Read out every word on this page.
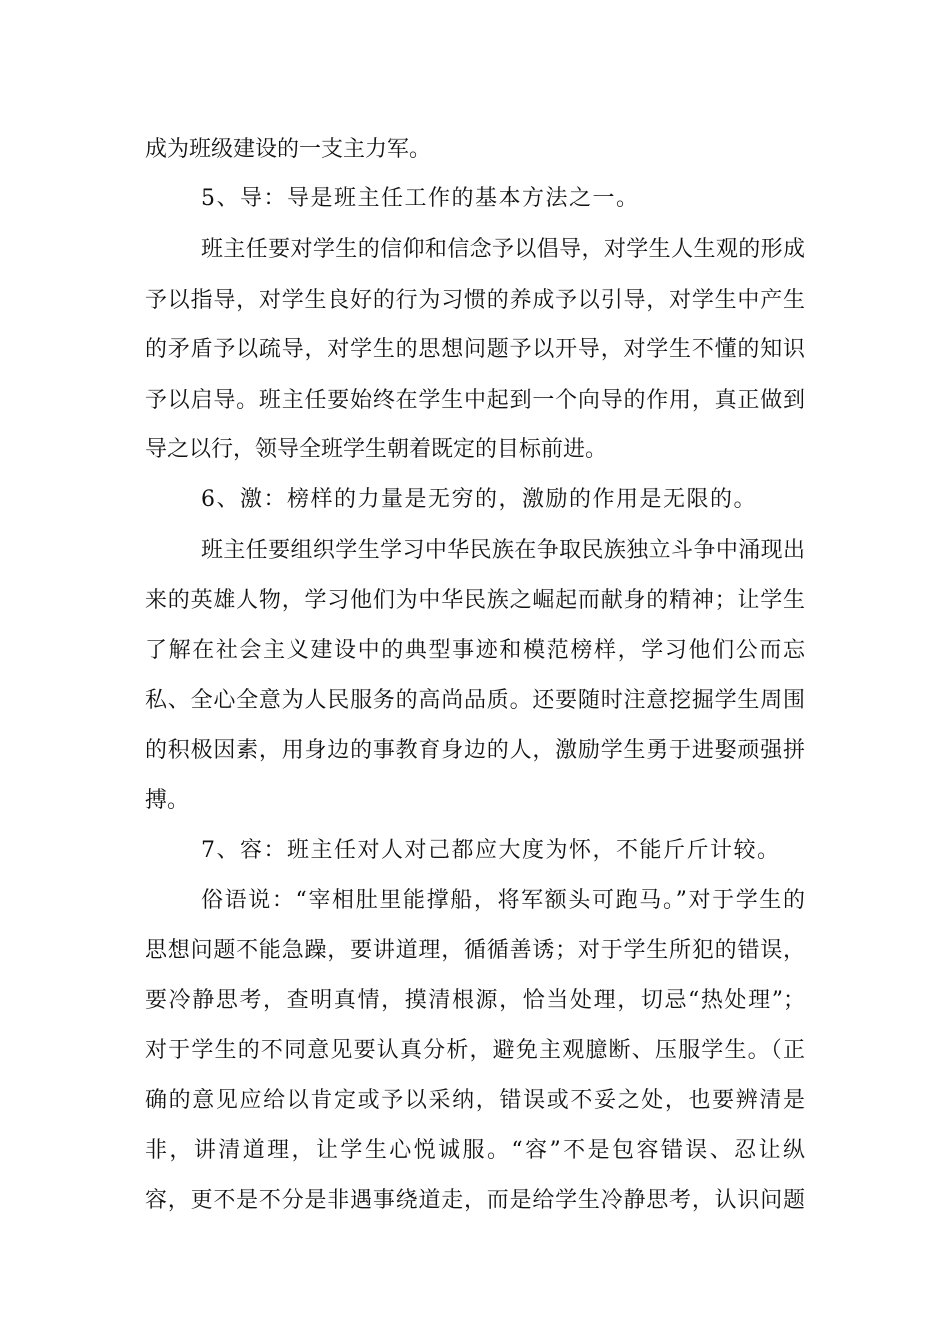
成为班级建设的一支主力军。
5、导：导是班主任工作的基本方法之一。
班主任要对学生的信仰和信念予以倡导，对学生人生观的形成
予以指导，对学生良好的行为习惯的养成予以引导，对学生中产生
的矛盾予以疏导，对学生的思想问题予以开导，对学生不懂的知识
予以启导。班主任要始终在学生中起到一个向导的作用，真正做到
导之以行，领导全班学生朝着既定的目标前进。
6、激：榜样的力量是无穷的，激励的作用是无限的。
班主任要组织学生学习中华民族在争取民族独立斗争中涌现出
来的英雄人物，学习他们为中华民族之崛起而献身的精神；让学生
了解在社会主义建设中的典型事迹和模范榜样，学习他们公而忘
私、全心全意为人民服务的高尚品质。还要随时注意挖掘学生周围
的积极因素，用身边的事教育身边的人，激励学生勇于进娶顽强拼
搏。
7、容：班主任对人对己都应大度为怀，不能斤斤计较。
俗语说：“宰相肚里能撑船，将军额头可跑马。”对于学生的
思想问题不能急躁，要讲道理，循循善诱；对于学生所犯的错误，
要冷静思考，查明真情，摸清根源，恰当处理，切忌“热处理”；
对于学生的不同意见要认真分析，避免主观臆断、压服学生。（正
确的意见应给以肯定或予以采纳，错误或不妥之处，也要辨清是
非，讲清道理，让学生心悦诚服。“容”不是包容错误、忍让纵
容，更不是不分是非遇事绕道走，而是给学生冷静思考，认识问题
